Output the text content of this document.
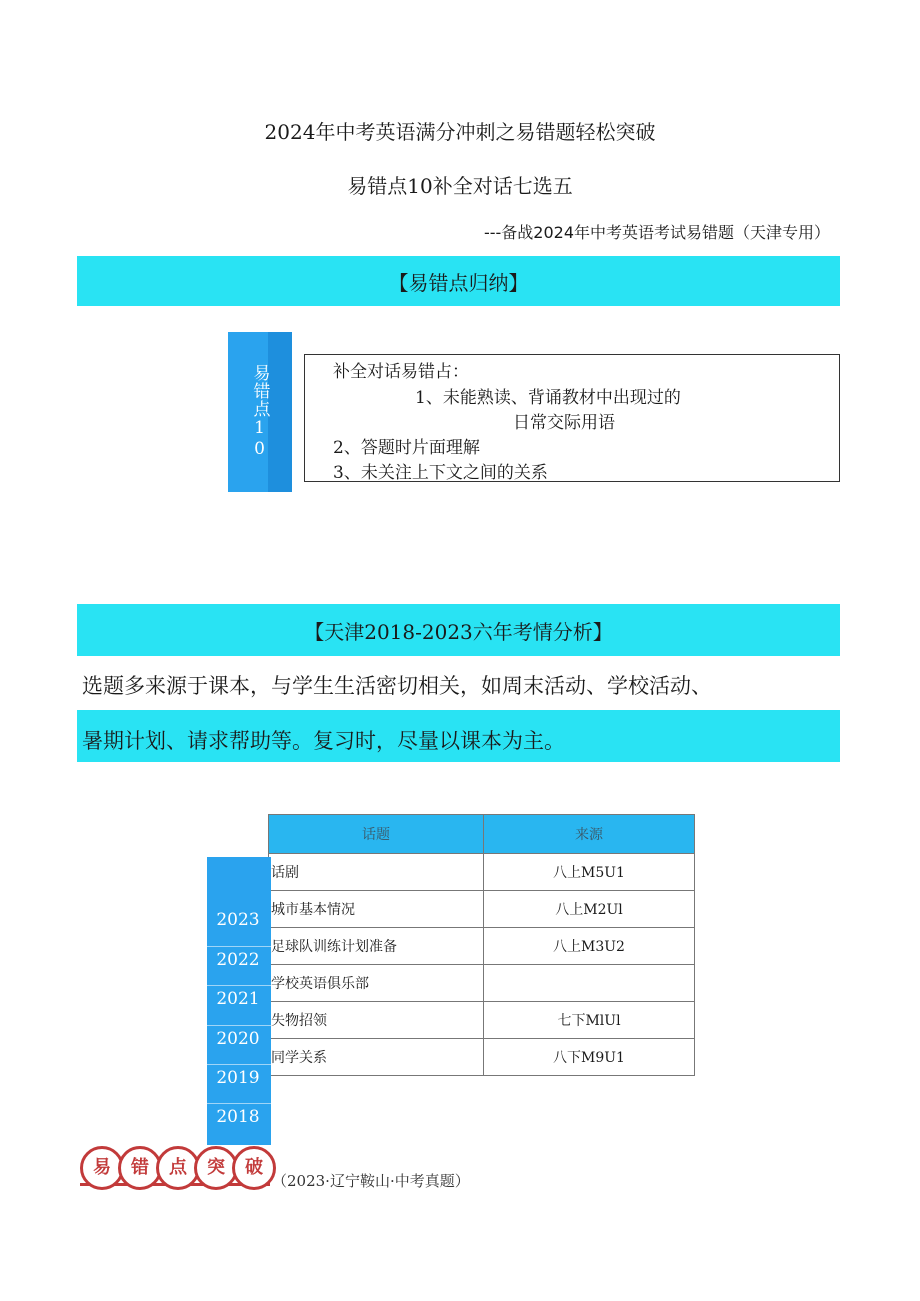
2024年中考英语满分冲刺之易错题轻松突破
易错点10补全对话七选五
---备战2024年中考英语考试易错题（天津专用）
【易错点归纳】
易错点10	补全对话易错占：
1、未能熟读、背诵教材中出现过的
日常交际用语
2、答题时片面理解
3、未关注上下文之间的关系
【天津2018-2023六年考情分析】
选题多来源于课本，与学生生活密切相关，如周末活动、学校活动、
暑期计划、请求帮助等。复习时，尽量以课本为主。
话题	来源
话剧	八上M5U1
城市基本情况	八上M2Ul
足球队训练计划准备	八上M3U2
学校英语俱乐部	
失物招领	七下MlUl
同学关系	八下M9U1
2023
2022
2021
2020
2019
2018
易	错	点	突	破
（2023·辽宁鞍山·中考真题）
